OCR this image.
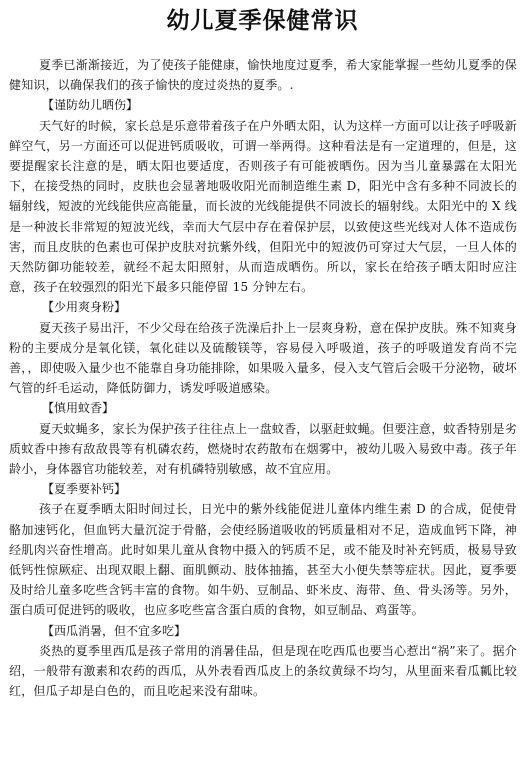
幼儿夏季保健常识

夏季已渐渐接近，为了使孩子能健康，愉快地度过夏季，希大家能掌握一些幼儿夏季的保健知识，以确保我们的孩子愉快的度过炎热的夏季。.

【谨防幼儿晒伤】

天气好的时候，家长总是乐意带着孩子在户外晒太阳，认为这样一方面可以让孩子呼吸新鲜空气，另一方面还可以促进钙质吸收，可谓一举两得。这种看法是有一定道理的，但是，这要提醒家长注意的是，晒太阳也要适度，否则孩子有可能被晒伤。因为当儿童暴露在太阳光下，在接受热的同时，皮肤也会显著地吸收阳光而制造维生素 D，阳光中含有多种不同波长的辐射线，短波的光线能供应高能量，而长波的光线能提供不同波长的辐射线。太阳光中的 X 线是一种波长非常短的短波光线，幸而大气层中存在着保护层，以致使这些光线对人体不造成伤害，而且皮肤的色素也可保护皮肤对抗紫外线，但阳光中的短波仍可穿过大气层，一旦人体的天然防御功能较差，就经不起太阳照射，从而造成晒伤。所以，家长在给孩子晒太阳时应注意，孩子在较强烈的阳光下最多只能停留 15 分钟左右。

【少用爽身粉】

夏天孩子易出汗，不少父母在给孩子洗澡后扑上一层爽身粉，意在保护皮肤。殊不知爽身粉的主要成分是氧化镁，氧化硅以及硫酸镁等，容易侵入呼吸道，孩子的呼吸道发育尚不完善，，即使吸入量少也不能靠自身功能排除，如果吸入量多，侵入支气管后会吸干分泌物，破坏气管的纤毛运动，降低防御力，诱发呼吸道感染。

【慎用蚊香】

夏天蚊蝇多，家长为保护孩子往往点上一盘蚊香，以驱赶蚊蝇。但要注意，蚊香特别是劣质蚊香中掺有敌敌畏等有机磷农药，燃烧时农药散布在烟雾中，被幼儿吸入易致中毒。孩子年龄小，身体器官功能较差，对有机磷特别敏感，故不宜应用。

【夏季要补钙】

孩子在夏季晒太阳时间过长，日光中的紫外线能促进儿童体内维生素 D 的合成，促使骨骼加速钙化，但血钙大量沉淀于骨骼，会使经肠道吸收的钙质量相对不足，造成血钙下降，神经肌肉兴奋性增高。此时如果儿童从食物中摄入的钙质不足，或不能及时补充钙质，极易导致低钙性惊厥症、出现双眼上翻、面肌颤动、肢体抽搐，甚至大小便失禁等症状。因此，夏季要及时给儿童多吃些含钙丰富的食物。如牛奶、豆制品、虾米皮、海带、鱼、骨头汤等。另外，蛋白质可促进钙的吸收，也应多吃些富含蛋白质的食物，如豆制品、鸡蛋等。

【西瓜消暑，但不宜多吃】

炎热的夏季里西瓜是孩子常用的消暑佳品，但是现在吃西瓜也要当心惹出“祸”来了。据介绍，一般带有激素和农药的西瓜，从外表看西瓜皮上的条纹黄绿不均匀，从里面来看瓜瓤比较红，但瓜子却是白色的，而且吃起来没有甜味。
